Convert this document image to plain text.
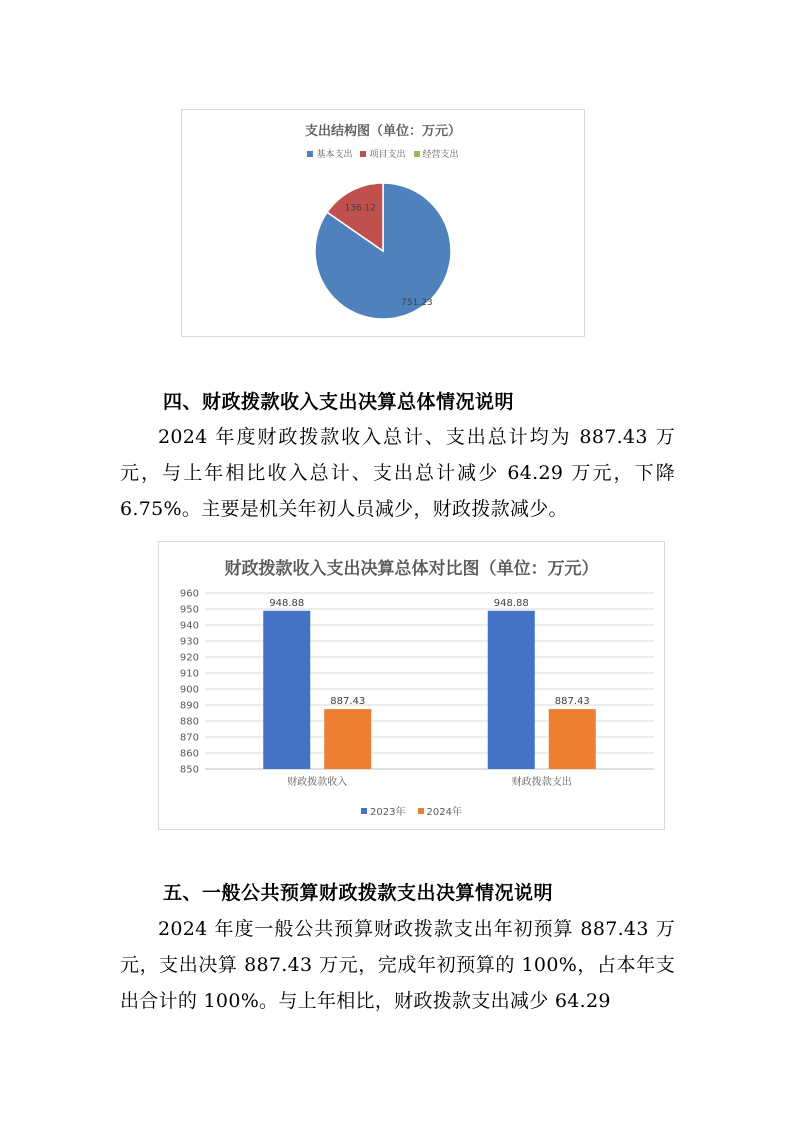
支出结构图（单位：万元）
基本支出 项目支出 经营支出
751.23
136.12
四、财政拨款收入支出决算总体情况说明

2024 年度财政拨款收入总计、支出总计均为 887.43 万元，与上年相比收入总计、支出总计减少 64.29 万元，下降 6.75%。主要是机关年初人员减少，财政拨款减少。

财政拨款收入支出决算总体对比图（单位：万元）
850
860
870
880
890
900
910
920
930
940
950
960
948.88
887.43
财政拨款收入
948.88
887.43
财政拨款支出
2023年 2024年
五、一般公共预算财政拨款支出决算情况说明

2024 年度一般公共预算财政拨款支出年初预算 887.43 万元，支出决算 887.43 万元，完成年初预算的 100%，占本年支出合计的 100%。与上年相比，财政拨款支出减少 64.29
